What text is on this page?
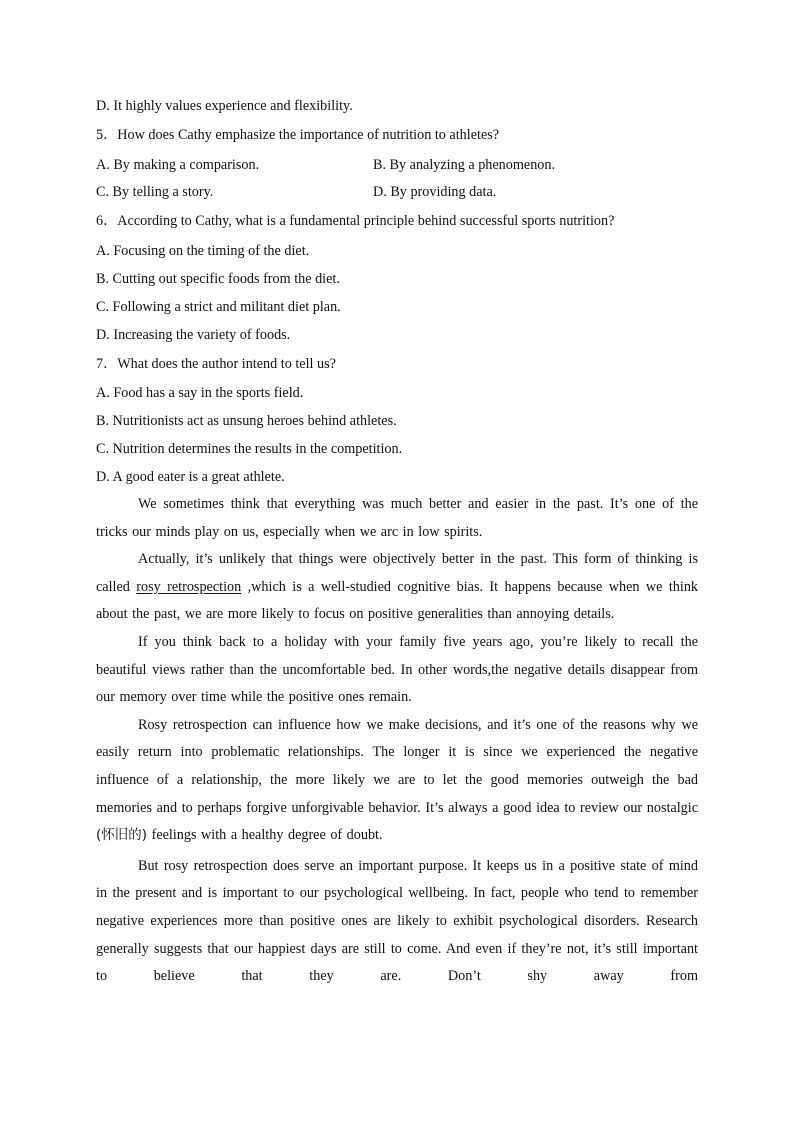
D. It highly values experience and flexibility.
5．How does Cathy emphasize the importance of nutrition to athletes?
A. By making a comparison.	B. By analyzing a phenomenon.
C. By telling a story.	D. By providing data.
6．According to Cathy, what is a fundamental principle behind successful sports nutrition?
A. Focusing on the timing of the diet.
B. Cutting out specific foods from the diet.
C. Following a strict and militant diet plan.
D. Increasing the variety of foods.
7．What does the author intend to tell us?
A. Food has a say in the sports field.
B. Nutritionists act as unsung heroes behind athletes.
C. Nutrition determines the results in the competition.
D. A good eater is a great athlete.

We sometimes think that everything was much better and easier in the past. It’s one of the tricks our minds play on us, especially when we arc in low spirits.

Actually, it’s unlikely that things were objectively better in the past. This form of thinking is called rosy retrospection ,which is a well-studied cognitive bias. It happens because when we think about the past, we are more likely to focus on positive generalities than annoying details.

If you think back to a holiday with your family five years ago, you’re likely to recall the beautiful views rather than the uncomfortable bed. In other words,the negative details disappear from our memory over time while the positive ones remain.

Rosy retrospection can influence how we make decisions, and it’s one of the reasons why we easily return into problematic relationships. The longer it is since we experienced the negative influence of a relationship, the more likely we are to let the good memories outweigh the bad memories and to perhaps forgive unforgivable behavior. It’s always a good idea to review our nostalgic (怀旧的) feelings with a healthy degree of doubt.

But rosy retrospection does serve an important purpose. It keeps us in a positive state of mind in the present and is important to our psychological wellbeing. In fact, people who tend to remember negative experiences more than positive ones are likely to exhibit psychological disorders. Research generally suggests that our happiest days are still to come. And even if they’re not, it’s still important to believe that they are. Don’t shy away from
